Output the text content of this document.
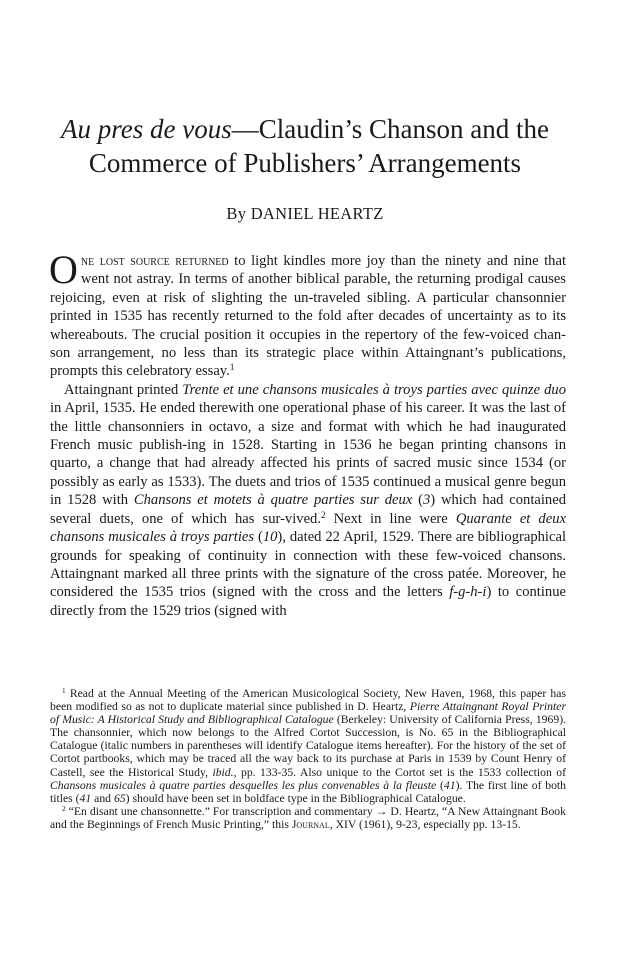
Au pres de vous—Claudin’s Chanson and the Commerce of Publishers’ Arrangements

By DANIEL HEARTZ

One lost source returned to light kindles more joy than the ninety and nine that went not astray. In terms of another biblical parable, the returning prodigal causes rejoicing, even at risk of slighting the un-traveled sibling. A particular chansonnier printed in 1535 has recently returned to the fold after decades of uncertainty as to its whereabouts. The crucial position it occupies in the repertory of the few-voiced chan-son arrangement, no less than its strategic place within Attaingnant’s publications, prompts this celebratory essay.$^1$

Attaingnant printed Trente et une chansons musicales à troys parties avec quinze duo in April, 1535. He ended therewith one operational phase of his career. It was the last of the little chansonniers in octavo, a size and format with which he had inaugurated French music publish-ing in 1528. Starting in 1536 he began printing chansons in quarto, a change that had already affected his prints of sacred music since 1534 (or possibly as early as 1533). The duets and trios of 1535 continued a musical genre begun in 1528 with Chansons et motets à quatre parties sur deux (3) which had contained several duets, one of which has sur-vived.$^2$ Next in line were Quarante et deux chansons musicales à troys parties (10), dated 22 April, 1529. There are bibliographical grounds for speaking of continuity in connection with these few-voiced chansons. Attaingnant marked all three prints with the signature of the cross patée. Moreover, he considered the 1535 trios (signed with the cross and the letters f-g-h-i) to continue directly from the 1529 trios (signed with

$^1$ Read at the Annual Meeting of the American Musicological Society, New Haven, 1968, this paper has been modified so as not to duplicate material since published in D. Heartz, Pierre Attaingnant Royal Printer of Music: A Historical Study and Bibliographical Catalogue (Berkeley: University of California Press, 1969). The chansonnier, which now belongs to the Alfred Cortot Succession, is No. 65 in the Bibliographical Catalogue (italic numbers in parentheses will identify Catalogue items hereafter). For the history of the set of Cortot partbooks, which may be traced all the way back to its purchase at Paris in 1539 by Count Henry of Castell, see the Historical Study, ibid., pp. 133-35. Also unique to the Cortot set is the 1533 collection of Chansons musicales à quatre parties desquelles les plus convenables à la fleuste (41). The first line of both titles (41 and 65) should have been set in boldface type in the Bibliographical Catalogue.

$^2$ “En disant une chansonnette.” For transcription and commentary → D. Heartz, “A New Attaingnant Book and the Beginnings of French Music Printing,” this Journal, XIV (1961), 9-23, especially pp. 13-15.
